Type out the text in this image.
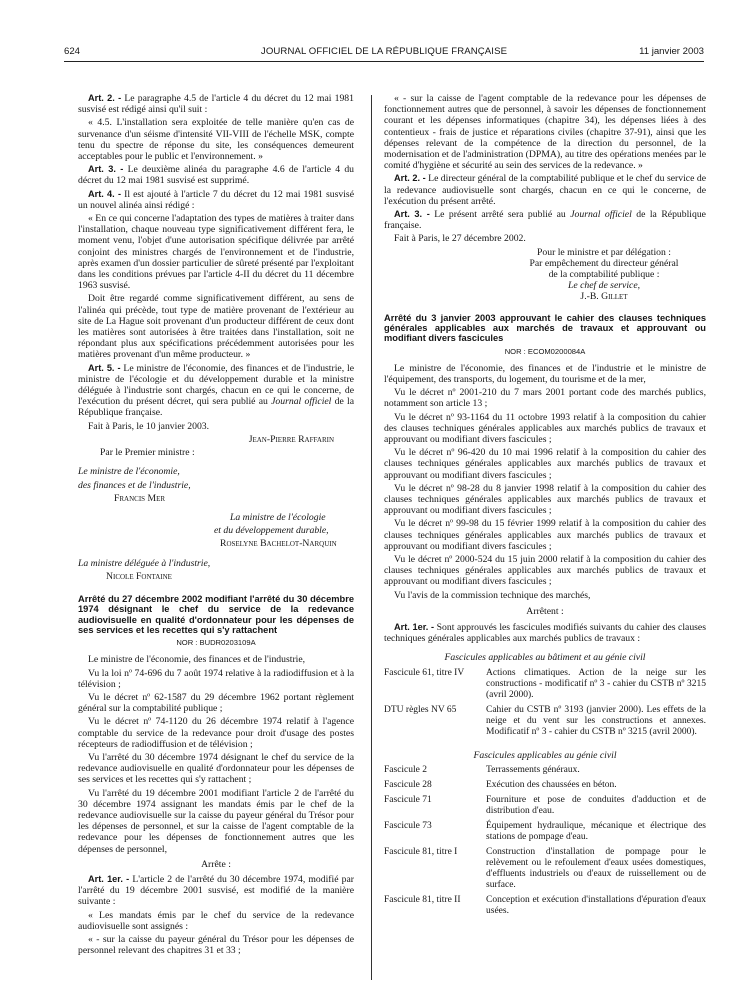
624	JOURNAL OFFICIEL DE LA RÉPUBLIQUE FRANÇAISE	11 janvier 2003

Art. 2. - Le paragraphe 4.5 de l'article 4 du décret du 12 mai 1981 susvisé est rédigé ainsi qu'il suit :

« 4.5. L'installation sera exploitée de telle manière qu'en cas de survenance d'un séisme d'intensité VII-VIII de l'échelle MSK, compte tenu du spectre de réponse du site, les conséquences demeurent acceptables pour le public et l'environnement. »

Art. 3. - Le deuxième alinéa du paragraphe 4.6 de l'article 4 du décret du 12 mai 1981 susvisé est supprimé.

Art. 4. - Il est ajouté à l'article 7 du décret du 12 mai 1981 susvisé un nouvel alinéa ainsi rédigé :

« En ce qui concerne l'adaptation des types de matières à traiter dans l'installation, chaque nouveau type significativement différent fera, le moment venu, l'objet d'une autorisation spécifique délivrée par arrêté conjoint des ministres chargés de l'environnement et de l'industrie, après examen d'un dossier particulier de sûreté présenté par l'exploitant dans les conditions prévues par l'article 4-II du décret du 11 décembre 1963 susvisé.

Doit être regardé comme significativement différent, au sens de l'alinéa qui précède, tout type de matière provenant de l'extérieur au site de La Hague soit provenant d'un producteur différent de ceux dont les matières sont autorisées à être traitées dans l'installation, soit ne répondant plus aux spécifications précédemment autorisées pour les matières provenant d'un même producteur. »

Art. 5. - Le ministre de l'économie, des finances et de l'industrie, le ministre de l'écologie et du développement durable et la ministre déléguée à l'industrie sont chargés, chacun en ce qui le concerne, de l'exécution du présent décret, qui sera publié au Journal officiel de la République française.

Fait à Paris, le 10 janvier 2003.

Jean-Pierre Raffarin

Par le Premier ministre :

Le ministre de l'économie,

des finances et de l'industrie,

Francis Mer

La ministre de l'écologie

et du développement durable,

Roselyne Bachelot-Narquin

La ministre déléguée à l'industrie,

Nicole Fontaine

Arrêté du 27 décembre 2002 modifiant l'arrêté du 30 décembre 1974 désignant le chef du service de la redevance audiovisuelle en qualité d'ordonnateur pour les dépenses de ses services et les recettes qui s'y rattachent

NOR : BUDR0203109A

Le ministre de l'économie, des finances et de l'industrie,

Vu la loi nº 74-696 du 7 août 1974 relative à la radiodiffusion et à la télévision ;

Vu le décret nº 62-1587 du 29 décembre 1962 portant règlement général sur la comptabilité publique ;

Vu le décret nº 74-1120 du 26 décembre 1974 relatif à l'agence comptable du service de la redevance pour droit d'usage des postes récepteurs de radiodiffusion et de télévision ;

Vu l'arrêté du 30 décembre 1974 désignant le chef du service de la redevance audiovisuelle en qualité d'ordonnateur pour les dépenses de ses services et les recettes qui s'y rattachent ;

Vu l'arrêté du 19 décembre 2001 modifiant l'article 2 de l'arrêté du 30 décembre 1974 assignant les mandats émis par le chef de la redevance audiovisuelle sur la caisse du payeur général du Trésor pour les dépenses de personnel, et sur la caisse de l'agent comptable de la redevance pour les dépenses de fonctionnement autres que les dépenses de personnel,

Arrête :

Art. 1er. - L'article 2 de l'arrêté du 30 décembre 1974, modifié par l'arrêté du 19 décembre 2001 susvisé, est modifié de la manière suivante :

« Les mandats émis par le chef du service de la redevance audiovisuelle sont assignés :

« - sur la caisse du payeur général du Trésor pour les dépenses de personnel relevant des chapitres 31 et 33 ;

« - sur la caisse de l'agent comptable de la redevance pour les dépenses de fonctionnement autres que de personnel, à savoir les dépenses de fonctionnement courant et les dépenses informatiques (chapitre 34), les dépenses liées à des contentieux - frais de justice et réparations civiles (chapitre 37-91), ainsi que les dépenses relevant de la compétence de la direction du personnel, de la modernisation et de l'administration (DPMA), au titre des opérations menées par le comité d'hygiène et sécurité au sein des services de la redevance. »

Art. 2. - Le directeur général de la comptabilité publique et le chef du service de la redevance audiovisuelle sont chargés, chacun en ce qui le concerne, de l'exécution du présent arrêté.

Art. 3. - Le présent arrêté sera publié au Journal officiel de la République française.

Fait à Paris, le 27 décembre 2002.

Pour le ministre et par délégation :
Par empêchement du directeur général
de la comptabilité publique :
Le chef de service,
J.-B. Gillet

Arrêté du 3 janvier 2003 approuvant le cahier des clauses techniques générales applicables aux marchés de travaux et approuvant ou modifiant divers fascicules

NOR : ECOM0200084A

Le ministre de l'économie, des finances et de l'industrie et le ministre de l'équipement, des transports, du logement, du tourisme et de la mer,

Vu le décret nº 2001-210 du 7 mars 2001 portant code des marchés publics, notamment son article 13 ;

Vu le décret nº 93-1164 du 11 octobre 1993 relatif à la composition du cahier des clauses techniques générales applicables aux marchés publics de travaux et approuvant ou modifiant divers fascicules ;

Vu le décret nº 96-420 du 10 mai 1996 relatif à la composition du cahier des clauses techniques générales applicables aux marchés publics de travaux et approuvant ou modifiant divers fascicules ;

Vu le décret nº 98-28 du 8 janvier 1998 relatif à la composition du cahier des clauses techniques générales applicables aux marchés publics de travaux et approuvant ou modifiant divers fascicules ;

Vu le décret nº 99-98 du 15 février 1999 relatif à la composition du cahier des clauses techniques générales applicables aux marchés publics de travaux et approuvant ou modifiant divers fascicules ;

Vu le décret nº 2000-524 du 15 juin 2000 relatif à la composition du cahier des clauses techniques générales applicables aux marchés publics de travaux et approuvant ou modifiant divers fascicules ;

Vu l'avis de la commission technique des marchés,

Arrêtent :

Art. 1er. - Sont approuvés les fascicules modifiés suivants du cahier des clauses techniques générales applicables aux marchés publics de travaux :

Fascicules applicables au bâtiment et au génie civil

Fascicule 61, titre IV	Actions climatiques. Action de la neige sur les constructions - modificatif nº 3 - cahier du CSTB nº 3215 (avril 2000).
DTU règles NV 65	Cahier du CSTB nº 3193 (janvier 2000). Les effets de la neige et du vent sur les constructions et annexes. Modificatif nº 3 - cahier du CSTB nº 3215 (avril 2000).

Fascicules applicables au génie civil

Fascicule 2	Terrassements généraux.
Fascicule 28	Exécution des chaussées en béton.
Fascicule 71	Fourniture et pose de conduites d'adduction et de distribution d'eau.
Fascicule 73	Équipement hydraulique, mécanique et électrique des stations de pompage d'eau.
Fascicule 81, titre I	Construction d'installation de pompage pour le relèvement ou le refoulement d'eaux usées domestiques, d'effluents industriels ou d'eaux de ruissellement ou de surface.
Fascicule 81, titre II	Conception et exécution d'installations d'épuration d'eaux usées.
